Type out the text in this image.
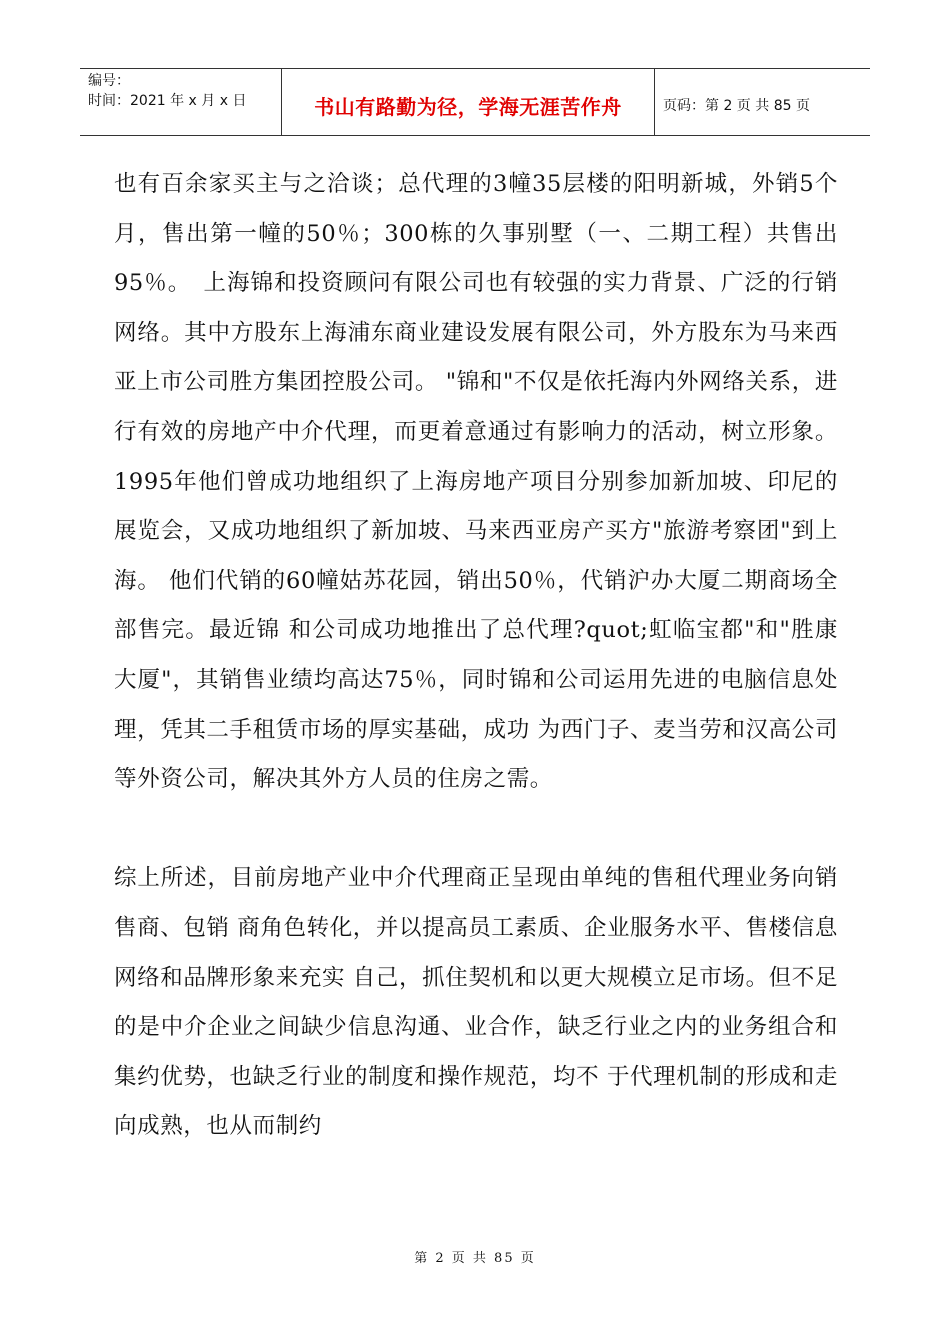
编号：
时间：2021 年 x 月 x 日	书山有路勤为径，学海无涯苦作舟	页码：第 2 页 共 85 页

也有百余家买主与之洽谈；总代理的3幢35层楼的阳明新城，外销5个月，售出第一幢的50％；300栋的久事别墅（一、二期工程）共售出95％。　上海锦和投资顾问有限公司也有较强的实力背景、广泛的行销网络。其中方股东上海浦东商业建设发展有限公司，外方股东为马来西亚上市公司胜方集团控股公司。 "锦和"不仅是依托海内外网络关系，进行有效的房地产中介代理，而更着意通过有影响力的活动，树立形象。1995年他们曾成功地组织了上海房地产项目分别参加新加坡、印尼的展览会，又成功地组织了新加坡、马来西亚房产买方"旅游考察团"到上海。 他们代销的60幢姑苏花园，销出50％，代销沪办大厦二期商场全部售完。最近锦 和公司成功地推出了总代理?quot;虹临宝都"和"胜康大厦"，其销售业绩均高达75％，同时锦和公司运用先进的电脑信息处理，凭其二手租赁市场的厚实基础，成功 为西门子、麦当劳和汉高公司等外资公司，解决其外方人员的住房之需。

综上所述，目前房地产业中介代理商正呈现由单纯的售租代理业务向销售商、包销 商角色转化，并以提高员工素质、企业服务水平、售楼信息网络和品牌形象来充实 自己，抓住契机和以更大规模立足市场。但不足的是中介企业之间缺少信息沟通、业合作，缺乏行业之内的业务组合和集约优势，也缺乏行业的制度和操作规范，均不 于代理机制的形成和走向成熟，也从而制约

第 2 页 共 85 页
